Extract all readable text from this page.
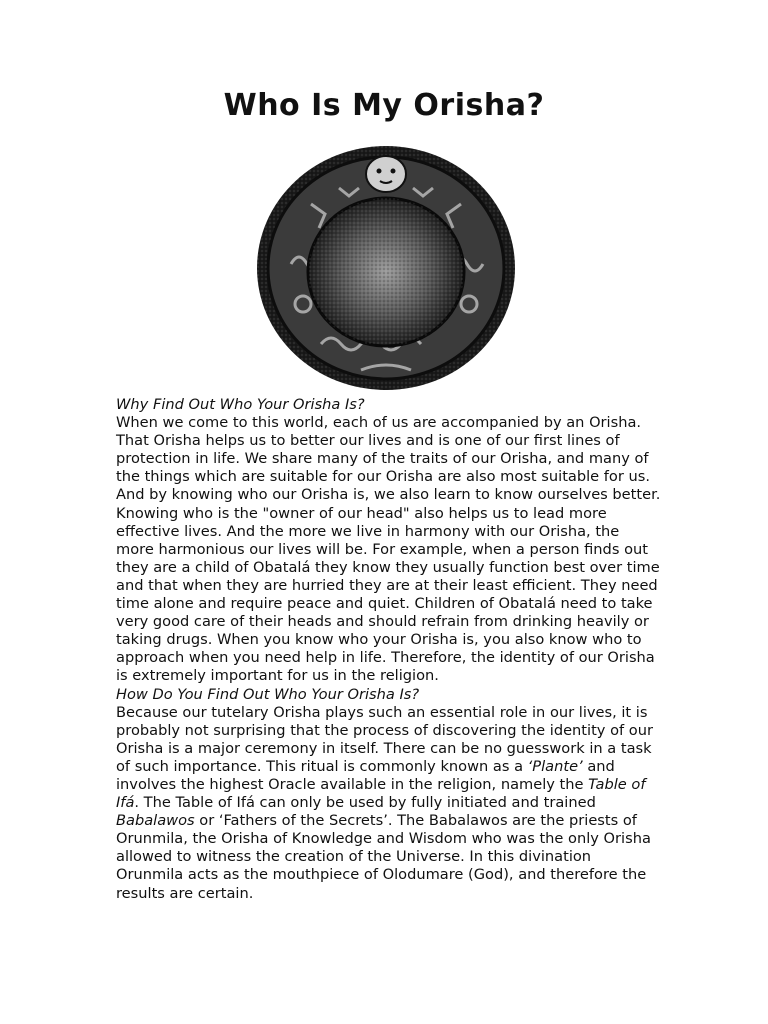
Who Is My Orisha?

Why Find Out Who Your Orisha Is?

When we come to this world, each of us are accompanied by an Orisha. That Orisha helps us to better our lives and is one of our first lines of protection in life. We share many of the traits of our Orisha, and many of the things which are suitable for our Orisha are also most suitable for us. And by knowing who our Orisha is, we also learn to know ourselves better. Knowing who is the "owner of our head" also helps us to lead more effective lives. And the more we live in harmony with our Orisha, the more harmonious our lives will be. For example, when a person finds out they are a child of Obatalá they know they usually function best over time and that when they are hurried they are at their least efficient. They need time alone and require peace and quiet. Children of Obatalá need to take very good care of their heads and should refrain from drinking heavily or taking drugs. When you know who your Orisha is, you also know who to approach when you need help in life. Therefore, the identity of our Orisha is extremely important for us in the religion.

How Do You Find Out Who Your Orisha Is?

Because our tutelary Orisha plays such an essential role in our lives, it is probably not surprising that the process of discovering the identity of our Orisha is a major ceremony in itself. There can be no guesswork in a task of such importance. This ritual is commonly known as a ‘Plante’ and involves the highest Oracle available in the religion, namely the Table of Ifá. The Table of Ifá can only be used by fully initiated and trained Babalawos or ‘Fathers of the Secrets’. The Babalawos are the priests of Orunmila, the Orisha of Knowledge and Wisdom who was the only Orisha allowed to witness the creation of the Universe. In this divination Orunmila acts as the mouthpiece of Olodumare (God), and therefore the results are certain.
